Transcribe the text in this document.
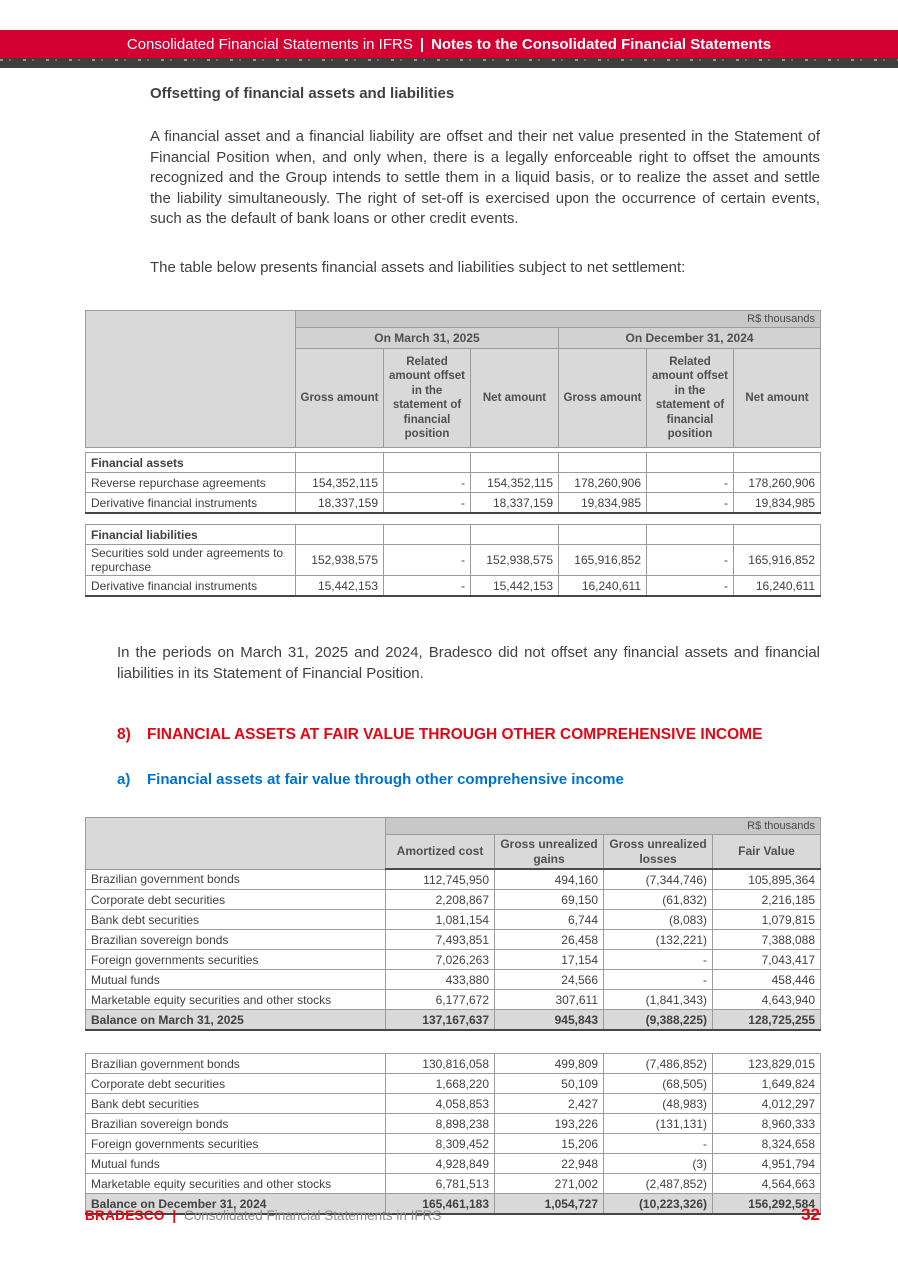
Consolidated Financial Statements in IFRS | Notes to the Consolidated Financial Statements
Offsetting of financial assets and liabilities

A financial asset and a financial liability are offset and their net value presented in the Statement of Financial Position when, and only when, there is a legally enforceable right to offset the amounts recognized and the Group intends to settle them in a liquid basis, or to realize the asset and settle the liability simultaneously. The right of set-off is exercised upon the occurrence of certain events, such as the default of bank loans or other credit events.

The table below presents financial assets and liabilities subject to net settlement:

	R$ thousands					
	On March 31, 2025			On December 31, 2024		
	Gross amount	Related amount offset in the statement of financial position	Net amount	Gross amount	Related amount offset in the statement of financial position	Net amount

Financial assets						
Reverse repurchase agreements	154,352,115	-	154,352,115	178,260,906	-	178,260,906
Derivative financial instruments	18,337,159	-	18,337,159	19,834,985	-	19,834,985
Financial liabilities						
Securities sold under agreements to repurchase	152,938,575	-	152,938,575	165,916,852	-	165,916,852
Derivative financial instruments	15,442,153	-	15,442,153	16,240,611	-	16,240,611

In the periods on March 31, 2025 and 2024, Bradesco did not offset any financial assets and financial liabilities in its Statement of Financial Position.

8)	FINANCIAL ASSETS AT FAIR VALUE THROUGH OTHER COMPREHENSIVE INCOME
a)	Financial assets at fair value through other comprehensive income
	R$ thousands			
	Amortized cost	Gross unrealized gains	Gross unrealized losses	Fair Value
Brazilian government bonds	112,745,950	494,160	(7,344,746)	105,895,364
Corporate debt securities	2,208,867	69,150	(61,832)	2,216,185
Bank debt securities	1,081,154	6,744	(8,083)	1,079,815
Brazilian sovereign bonds	7,493,851	26,458	(132,221)	7,388,088
Foreign governments securities	7,026,263	17,154	-	7,043,417
Mutual funds	433,880	24,566	-	458,446
Marketable equity securities and other stocks	6,177,672	307,611	(1,841,343)	4,643,940
Balance on March 31, 2025	137,167,637	945,843	(9,388,225)	128,725,255
Brazilian government bonds	130,816,058	499,809	(7,486,852)	123,829,015
Corporate debt securities	1,668,220	50,109	(68,505)	1,649,824
Bank debt securities	4,058,853	2,427	(48,983)	4,012,297
Brazilian sovereign bonds	8,898,238	193,226	(131,131)	8,960,333
Foreign governments securities	8,309,452	15,206	-	8,324,658
Mutual funds	4,928,849	22,948	(3)	4,951,794
Marketable equity securities and other stocks	6,781,513	271,002	(2,487,852)	4,564,663
Balance on December 31, 2024	165,461,183	1,054,727	(10,223,326)	156,292,584
BRADESCO | Consolidated Financial Statements in IFRS	32
